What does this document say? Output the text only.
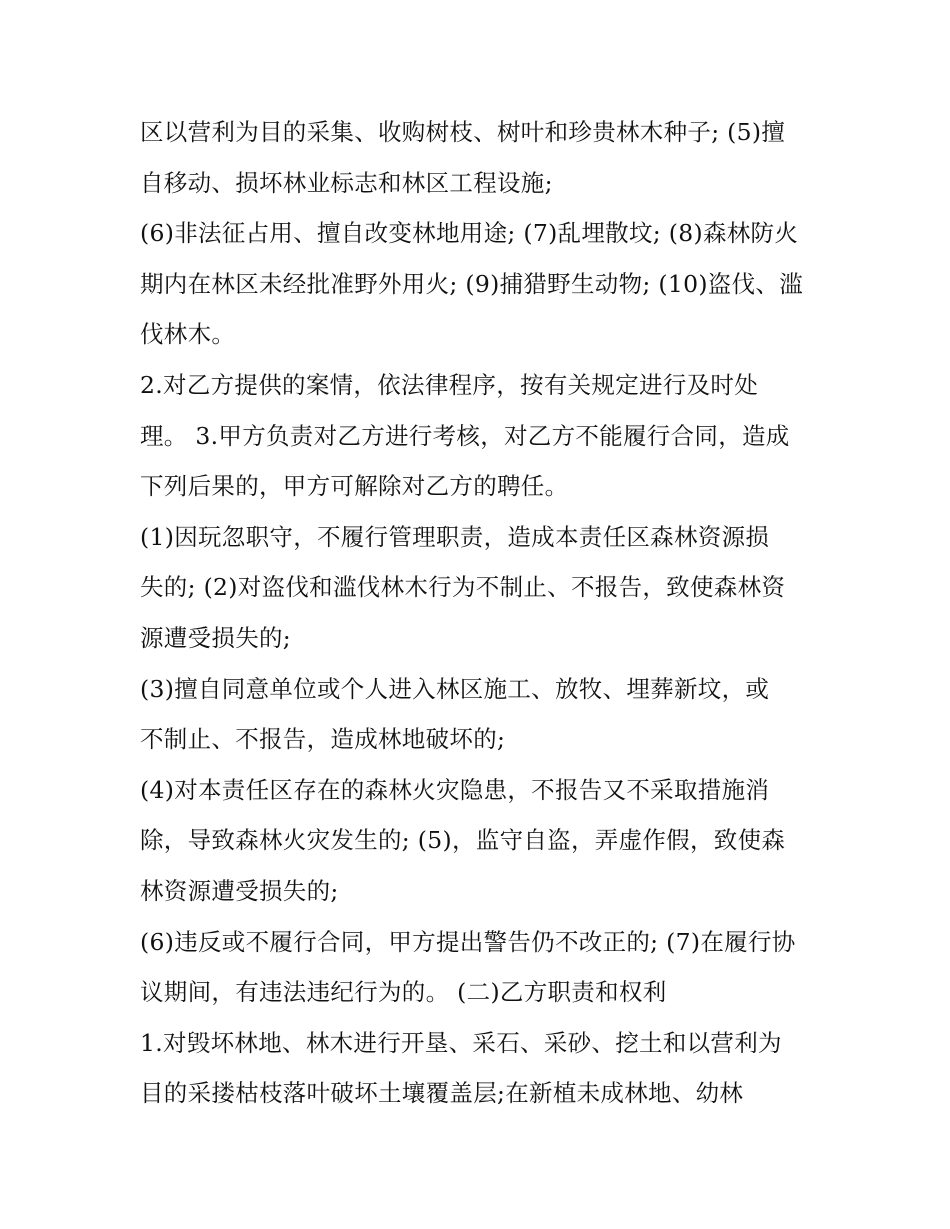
区以营利为目的采集、收购树枝、树叶和珍贵林木种子; (5)擅
自移动、损坏林业标志和林区工程设施;
(6)非法征占用、擅自改变林地用途; (7)乱埋散坟; (8)森林防火
期内在林区未经批准野外用火; (9)捕猎野生动物; (10)盗伐、滥
伐林木。
2.对乙方提供的案情，依法律程序，按有关规定进行及时处
理。 3.甲方负责对乙方进行考核，对乙方不能履行合同，造成
下列后果的，甲方可解除对乙方的聘任。
(1)因玩忽职守，不履行管理职责，造成本责任区森林资源损
失的; (2)对盗伐和滥伐林木行为不制止、不报告，致使森林资
源遭受损失的;
(3)擅自同意单位或个人进入林区施工、放牧、埋葬新坟，或
不制止、不报告，造成林地破坏的;
(4)对本责任区存在的森林火灾隐患，不报告又不采取措施消
除，导致森林火灾发生的; (5)，监守自盗，弄虚作假，致使森
林资源遭受损失的;
(6)违反或不履行合同，甲方提出警告仍不改正的; (7)在履行协
议期间，有违法违纪行为的。 (二)乙方职责和权利
1.对毁坏林地、林木进行开垦、采石、采砂、挖土和以营利为
目的采搂枯枝落叶破坏土壤覆盖层;在新植未成林地、幼林
